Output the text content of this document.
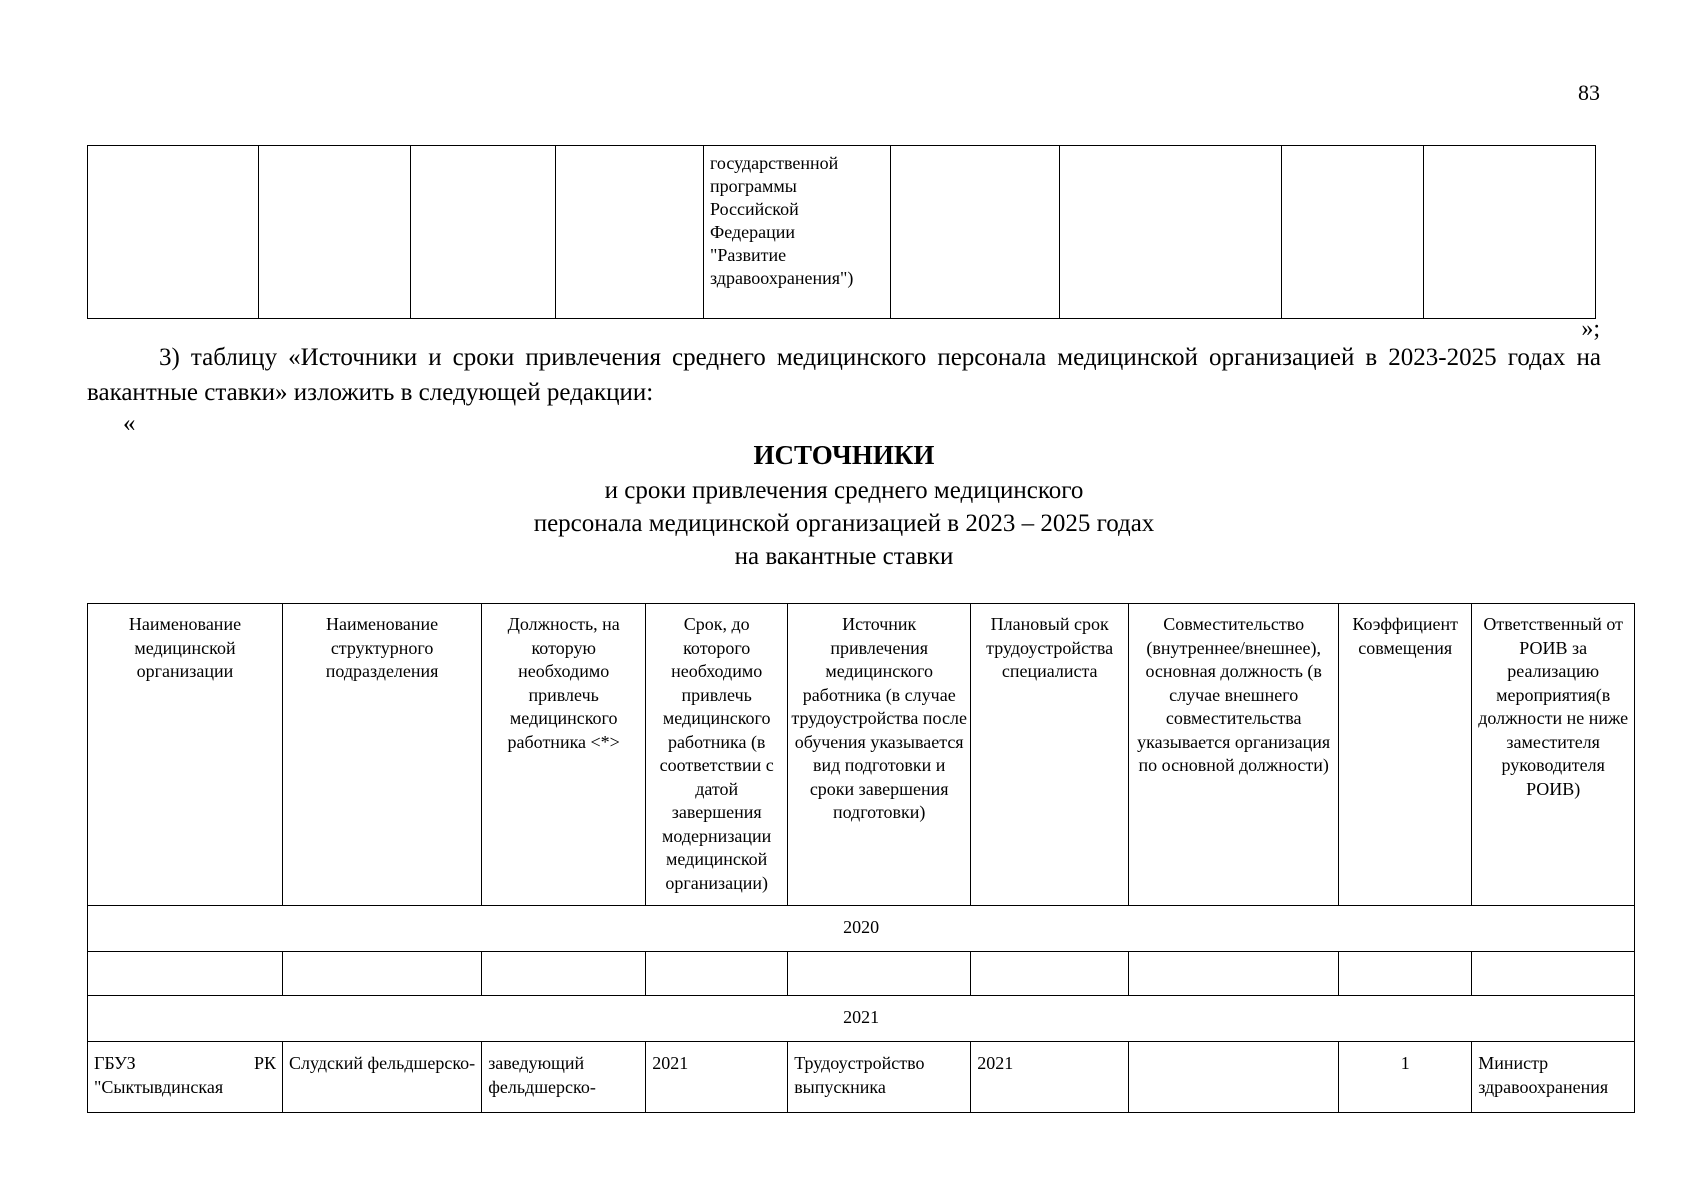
83
				государственной
программы
Российской
Федерации
"Развитие
здравоохранения")				
»;
3) таблицу «Источники и сроки привлечения среднего медицинского персонала медицинской организацией в 2023-2025 годах на вакантные ставки» изложить в следующей редакции:
«
ИСТОЧНИКИ
и сроки привлечения среднего медицинского
персонала медицинской организацией в 2023 – 2025 годах
на вакантные ставки
Наименование медицинской организации	Наименование структурного подразделения	Должность, на которую необходимо привлечь медицинского работника <*>	Срок, до которого необходимо привлечь медицинского работника (в соответствии с датой завершения модернизации медицинской организации)	Источник привлечения медицинского работника (в случае трудоустройства после обучения указывается вид подготовки и сроки завершения подготовки)	Плановый срок трудоустройства специалиста	Совместительство (внутреннее/внешнее), основная должность (в случае внешнего совместительства указывается организация по основной должности)	Коэффициент совмещения	Ответственный от РОИВ за реализацию мероприятия(в должности не ниже заместителя руководителя РОИВ)
2020								

2021								

ГБУЗ РК
"Сыктывдинская	Слудский фельдшерско-	заведующий фельдшерско-	2021	Трудоустройство выпускника	2021		1	Министр здравоохранения
